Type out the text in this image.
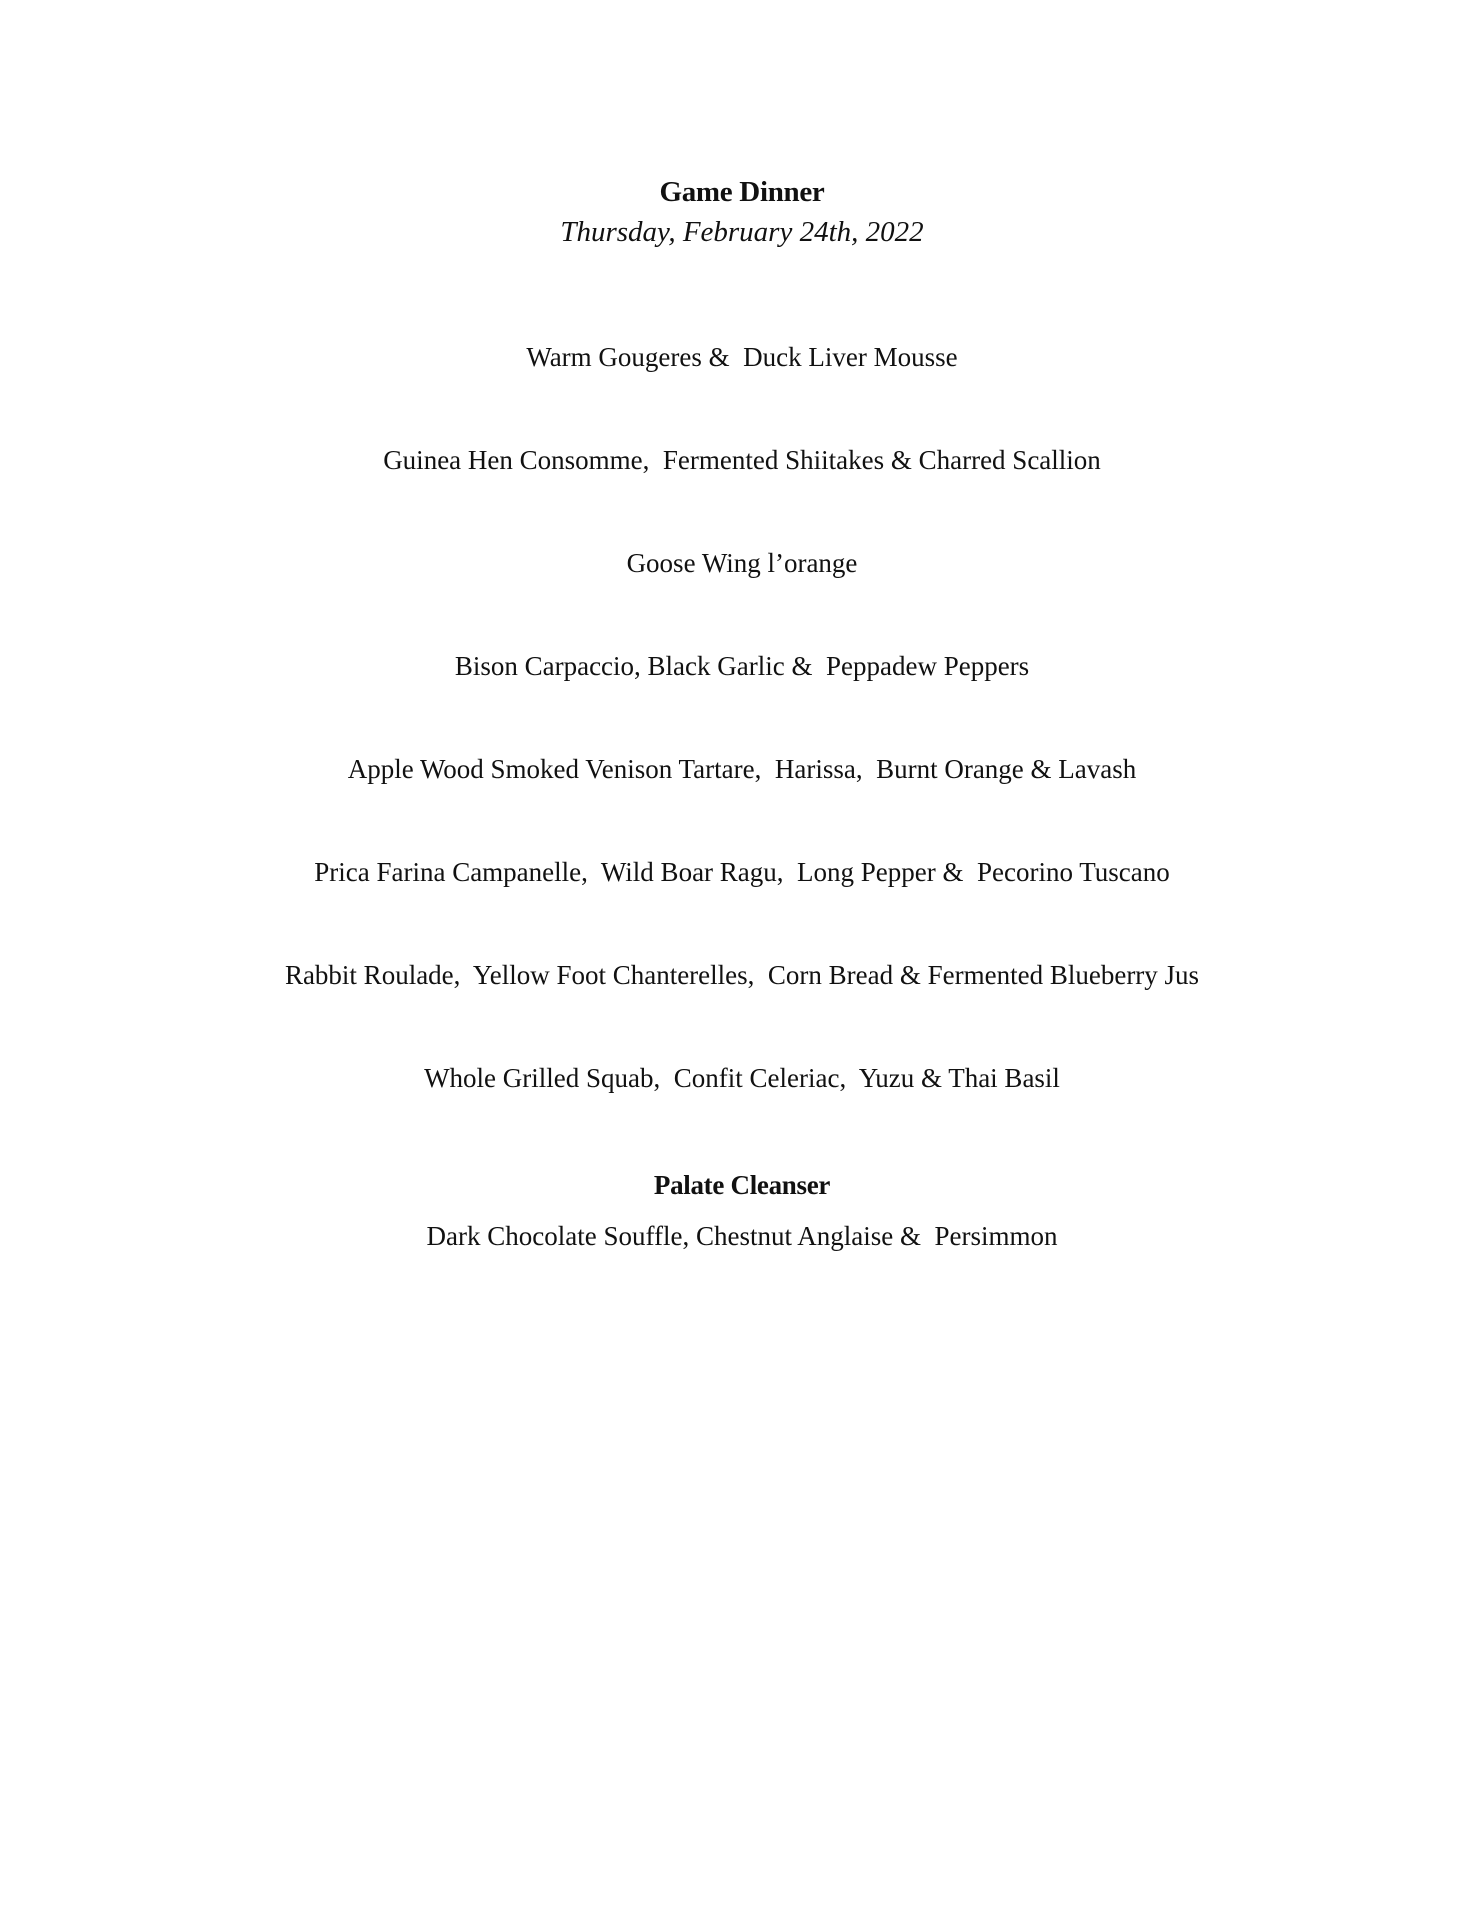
Game Dinner
Thursday, February 24th, 2022
Warm Gougeres &  Duck Liver Mousse
Guinea Hen Consomme,  Fermented Shiitakes & Charred Scallion
Goose Wing l’orange
Bison Carpaccio, Black Garlic &  Peppadew Peppers
Apple Wood Smoked Venison Tartare,  Harissa,  Burnt Orange & Lavash
Prica Farina Campanelle,  Wild Boar Ragu,  Long Pepper &  Pecorino Tuscano
Rabbit Roulade,  Yellow Foot Chanterelles,  Corn Bread & Fermented Blueberry Jus
Whole Grilled Squab,  Confit Celeriac,  Yuzu & Thai Basil
Palate Cleanser
Dark Chocolate Souffle, Chestnut Anglaise &  Persimmon
